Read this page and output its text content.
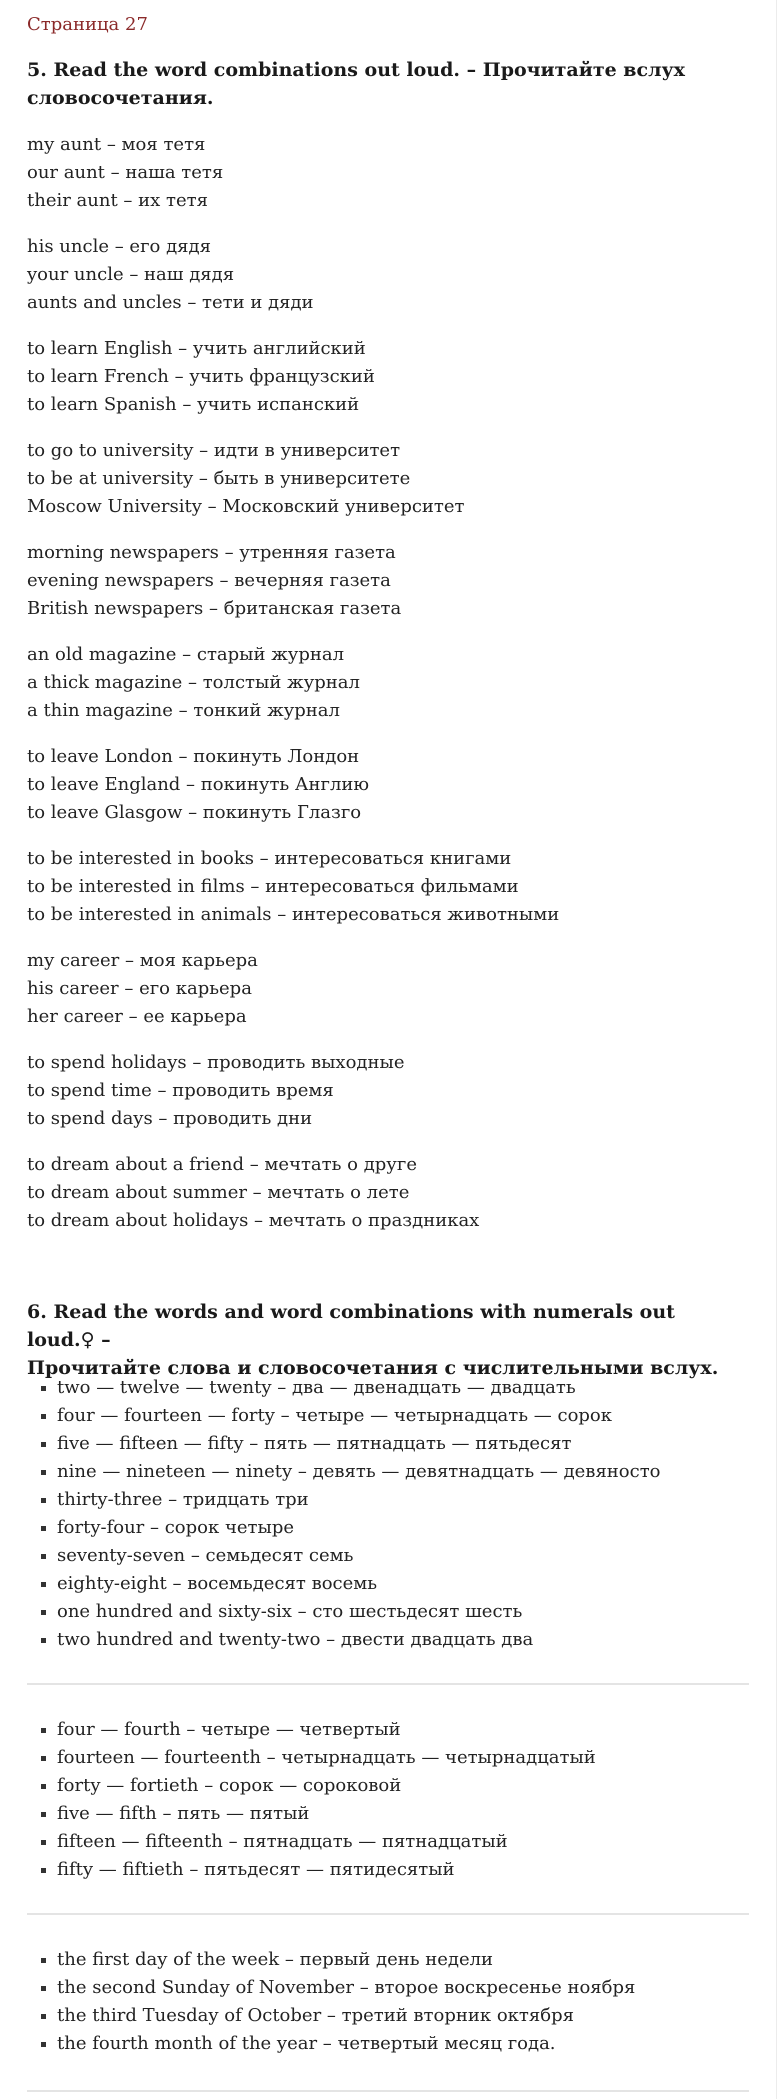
Страница 27
5. Read the word combinations out loud. – Прочитайте вслух
словосочетания.
my aunt – моя тетя
our aunt – наша тетя
their aunt – их тетя
his uncle – его дядя
your uncle – наш дядя
aunts and uncles – тети и дяди
to learn English – учить английский
to learn French – учить французский
to learn Spanish – учить испанский
to go to university – идти в университет
to be at university – быть в университете
Moscow University – Московский университет
morning newspapers – утренняя газета
evening newspapers – вечерняя газета
British newspapers – британская газета
an old magazine – старый журнал
a thick magazine – толстый журнал
a thin magazine – тонкий журнал
to leave London – покинуть Лондон
to leave England – покинуть Англию
to leave Glasgow – покинуть Глазго
to be interested in books – интересоваться книгами
to be interested in films – интересоваться фильмами
to be interested in animals – интересоваться животными
my career – моя карьера
his career – его карьера
her career – ее карьера
to spend holidays – проводить выходные
to spend time – проводить время
to spend days – проводить дни
to dream about a friend – мечтать о друге
to dream about summer – мечтать о лете
to dream about holidays – мечтать о праздниках
6. Read the words and word combinations with numerals out loud.♀ –
Прочитайте слова и словосочетания с числительными вслух.
two — twelve — twenty – два — двенадцать — двадцать
four — fourteen — forty – четыре — четырнадцать — сорок
five — fifteen — fifty – пять — пятнадцать — пятьдесят
nine — nineteen — ninety – девять — девятнадцать — девяносто
thirty-three – тридцать три
forty-four – сорок четыре
seventy-seven – семьдесят семь
eighty-eight – восемьдесят восемь
one hundred and sixty-six – сто шестьдесят шесть
two hundred and twenty-two – двести двадцать два
four — fourth – четыре — четвертый
fourteen — fourteenth – четырнадцать — четырнадцатый
forty — fortieth – сорок — сороковой
five — fifth – пять — пятый
fifteen — fifteenth – пятнадцать — пятнадцатый
fifty — fiftieth – пятьдесят — пятидесятый
the first day of the week – первый день недели
the second Sunday of November – второе воскресенье ноября
the third Tuesday of October – третий вторник октября
the fourth month of the year – четвертый месяц года.
